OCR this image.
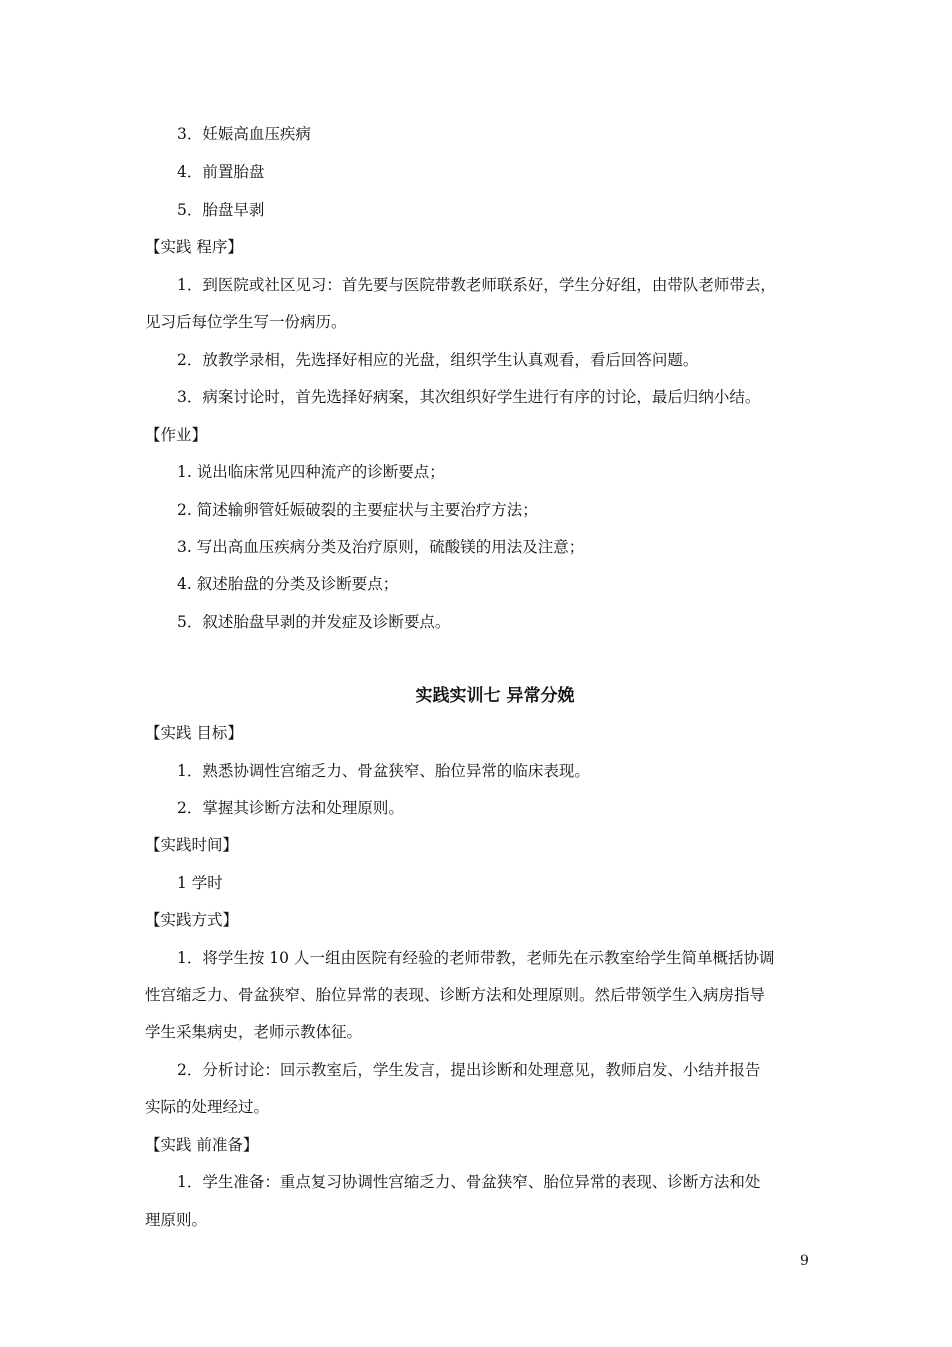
3．妊娠高血压疾病
4．前置胎盘
5．胎盘早剥
【实践 程序】
1．到医院或社区见习：首先要与医院带教老师联系好，学生分好组，由带队老师带去，
见习后每位学生写一份病历。
2．放教学录相，先选择好相应的光盘，组织学生认真观看，看后回答问题。
3．病案讨论时，首先选择好病案，其次组织好学生进行有序的讨论，最后归纳小结。
【作业】
1. 说出临床常见四种流产的诊断要点；
2. 简述输卵管妊娠破裂的主要症状与主要治疗方法；
3. 写出高血压疾病分类及治疗原则，硫酸镁的用法及注意；
4. 叙述胎盘的分类及诊断要点；
5．叙述胎盘早剥的并发症及诊断要点。
实践实训七 异常分娩
【实践 目标】
1．熟悉协调性宫缩乏力、骨盆狭窄、胎位异常的临床表现。
2．掌握其诊断方法和处理原则。
【实践时间】
1 学时
【实践方式】
1．将学生按 10 人一组由医院有经验的老师带教，老师先在示教室给学生简单概括协调
性宫缩乏力、骨盆狭窄、胎位异常的表现、诊断方法和处理原则。然后带领学生入病房指导
学生采集病史，老师示教体征。
2．分析讨论：回示教室后，学生发言，提出诊断和处理意见，教师启发、小结并报告
实际的处理经过。
【实践 前准备】
1．学生准备：重点复习协调性宫缩乏力、骨盆狭窄、胎位异常的表现、诊断方法和处
理原则。
9
